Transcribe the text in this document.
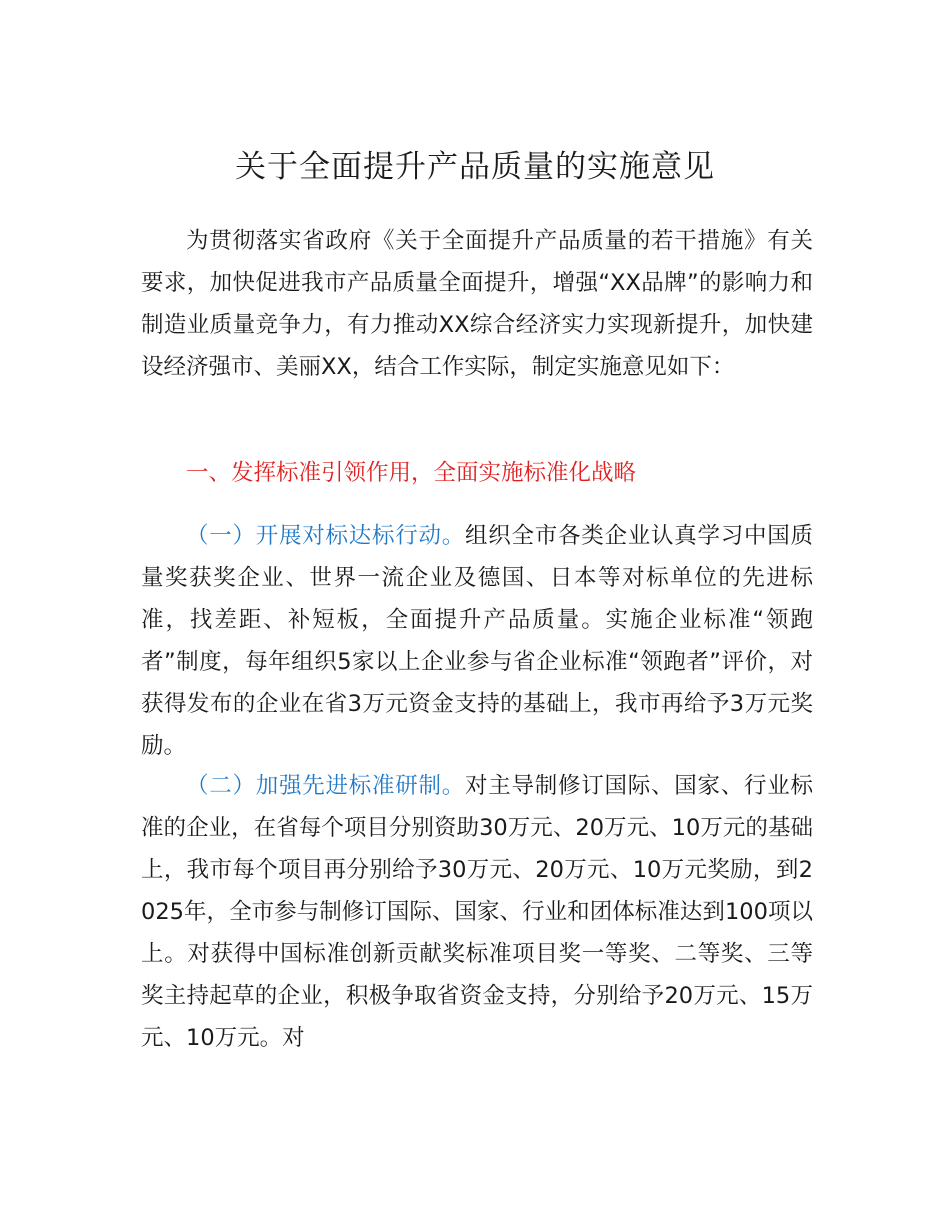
关于全面提升产品质量的实施意见

为贯彻落实省政府《关于全面提升产品质量的若干措施》有关要求，加快促进我市产品质量全面提升，增强“XX品牌”的影响力和制造业质量竞争力，有力推动XX综合经济实力实现新提升，加快建设经济强市、美丽XX，结合工作实际，制定实施意见如下：

一、发挥标准引领作用，全面实施标准化战略

（一）开展对标达标行动。组织全市各类企业认真学习中国质量奖获奖企业、世界一流企业及德国、日本等对标单位的先进标准，找差距、补短板，全面提升产品质量。实施企业标准“领跑者”制度，每年组织5家以上企业参与省企业标准“领跑者”评价，对获得发布的企业在省3万元资金支持的基础上，我市再给予3万元奖励。

（二）加强先进标准研制。对主导制修订国际、国家、行业标准的企业，在省每个项目分别资助30万元、20万元、10万元的基础上，我市每个项目再分别给予30万元、20万元、10万元奖励，到2025年，全市参与制修订国际、国家、行业和团体标准达到100项以上。对获得中国标准创新贡献奖标准项目奖一等奖、二等奖、三等奖主持起草的企业，积极争取省资金支持，分别给予20万元、15万元、10万元。对
